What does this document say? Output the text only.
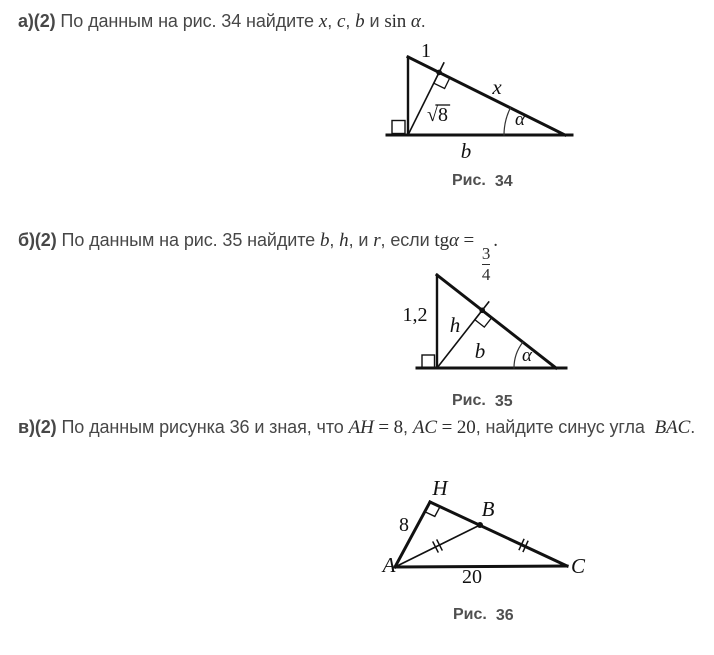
а)(2) По данным на рис. 34 найдите x, c, b и sin α.

1
√8
x
α
b
Рис. 34

б)(2) По данным на рис. 35 найдите b, h, и r, если tgα =
$\frac{3}{4}$
.

1,2 h
b α
Рис. 35

в)(2) По данным рисунка 36 и зная, что AH = 8, AC = 20, найдите синус угла  BAC.

H
B
A	C
8
20
Рис. 36
